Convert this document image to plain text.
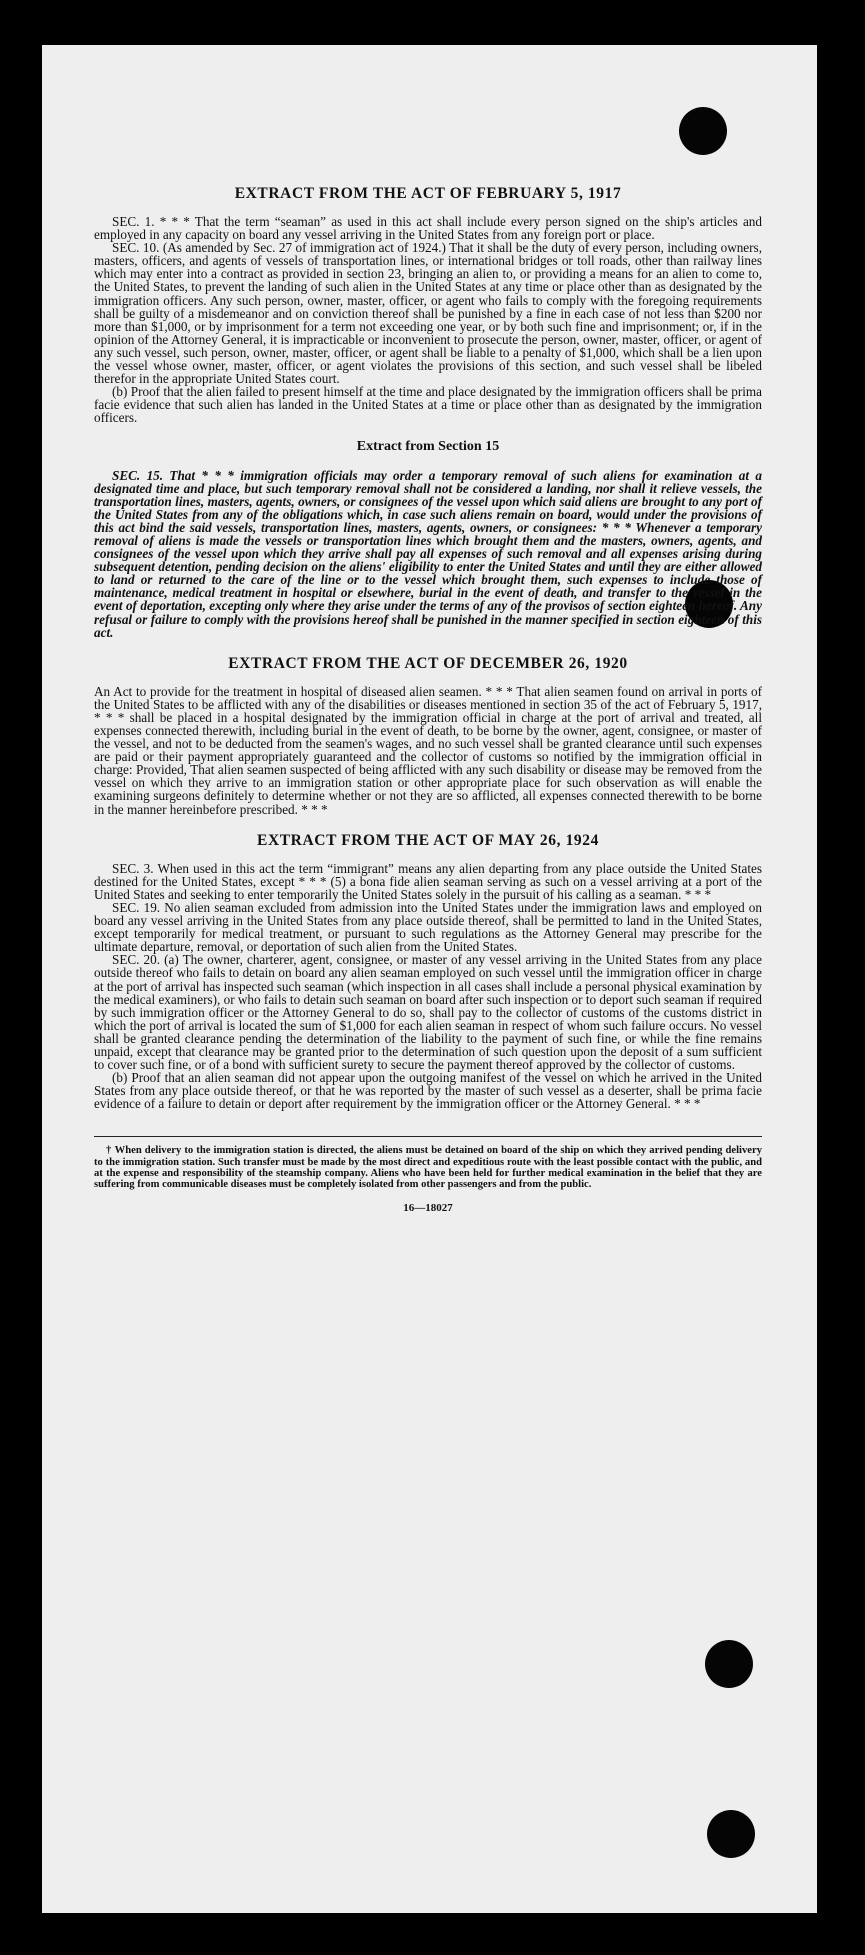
EXTRACT FROM THE ACT OF FEBRUARY 5, 1917

SEC. 1. * * * That the term “seaman” as used in this act shall include every person signed on the ship's articles and employed in any capacity on board any vessel arriving in the United States from any foreign port or place.

SEC. 10. (As amended by Sec. 27 of immigration act of 1924.) That it shall be the duty of every person, including owners, masters, officers, and agents of vessels of transportation lines, or international bridges or toll roads, other than railway lines which may enter into a contract as provided in section 23, bringing an alien to, or providing a means for an alien to come to, the United States, to prevent the landing of such alien in the United States at any time or place other than as designated by the immigration officers. Any such person, owner, master, officer, or agent who fails to comply with the foregoing requirements shall be guilty of a misdemeanor and on conviction thereof shall be punished by a fine in each case of not less than $200 nor more than $1,000, or by imprisonment for a term not exceeding one year, or by both such fine and imprisonment; or, if in the opinion of the Attorney General, it is impracticable or inconvenient to prosecute the person, owner, master, officer, or agent of any such vessel, such person, owner, master, officer, or agent shall be liable to a penalty of $1,000, which shall be a lien upon the vessel whose owner, master, officer, or agent violates the provisions of this section, and such vessel shall be libeled therefor in the appropriate United States court.

(b) Proof that the alien failed to present himself at the time and place designated by the immigration officers shall be prima facie evidence that such alien has landed in the United States at a time or place other than as designated by the immigration officers.

Extract from Section 15

SEC. 15. That * * * immigration officials may order a temporary removal of such aliens for examination at a designated time and place, but such temporary removal shall not be considered a landing, nor shall it relieve vessels, the transportation lines, masters, agents, owners, or consignees of the vessel upon which said aliens are brought to any port of the United States from any of the obligations which, in case such aliens remain on board, would under the provisions of this act bind the said vessels, transportation lines, masters, agents, owners, or consignees: * * * Whenever a temporary removal of aliens is made the vessels or transportation lines which brought them and the masters, owners, agents, and consignees of the vessel upon which they arrive shall pay all expenses of such removal and all expenses arising during subsequent detention, pending decision on the aliens' eligibility to enter the United States and until they are either allowed to land or returned to the care of the line or to the vessel which brought them, such expenses to include those of maintenance, medical treatment in hospital or elsewhere, burial in the event of death, and transfer to the vessel in the event of deportation, excepting only where they arise under the terms of any of the provisos of section eighteen hereof. Any refusal or failure to comply with the provisions hereof shall be punished in the manner specified in section eighteen of this act.

EXTRACT FROM THE ACT OF DECEMBER 26, 1920

An Act to provide for the treatment in hospital of diseased alien seamen. * * * That alien seamen found on arrival in ports of the United States to be afflicted with any of the disabilities or diseases mentioned in section 35 of the act of February 5, 1917, * * * shall be placed in a hospital designated by the immigration official in charge at the port of arrival and treated, all expenses connected therewith, including burial in the event of death, to be borne by the owner, agent, consignee, or master of the vessel, and not to be deducted from the seamen's wages, and no such vessel shall be granted clearance until such expenses are paid or their payment appropriately guaranteed and the collector of customs so notified by the immigration official in charge: Provided, That alien seamen suspected of being afflicted with any such disability or disease may be removed from the vessel on which they arrive to an immigration station or other appropriate place for such observation as will enable the examining surgeons definitely to determine whether or not they are so afflicted, all expenses connected therewith to be borne in the manner hereinbefore prescribed. * * *

EXTRACT FROM THE ACT OF MAY 26, 1924

SEC. 3. When used in this act the term “immigrant” means any alien departing from any place outside the United States destined for the United States, except * * * (5) a bona fide alien seaman serving as such on a vessel arriving at a port of the United States and seeking to enter temporarily the United States solely in the pursuit of his calling as a seaman. * * *

SEC. 19. No alien seaman excluded from admission into the United States under the immigration laws and employed on board any vessel arriving in the United States from any place outside thereof, shall be permitted to land in the United States, except temporarily for medical treatment, or pursuant to such regulations as the Attorney General may prescribe for the ultimate departure, removal, or deportation of such alien from the United States.

SEC. 20. (a) The owner, charterer, agent, consignee, or master of any vessel arriving in the United States from any place outside thereof who fails to detain on board any alien seaman employed on such vessel until the immigration officer in charge at the port of arrival has inspected such seaman (which inspection in all cases shall include a personal physical examination by the medical examiners), or who fails to detain such seaman on board after such inspection or to deport such seaman if required by such immigration officer or the Attorney General to do so, shall pay to the collector of customs of the customs district in which the port of arrival is located the sum of $1,000 for each alien seaman in respect of whom such failure occurs. No vessel shall be granted clearance pending the determination of the liability to the payment of such fine, or while the fine remains unpaid, except that clearance may be granted prior to the determination of such question upon the deposit of a sum sufficient to cover such fine, or of a bond with sufficient surety to secure the payment thereof approved by the collector of customs.

(b) Proof that an alien seaman did not appear upon the outgoing manifest of the vessel on which he arrived in the United States from any place outside thereof, or that he was reported by the master of such vessel as a deserter, shall be prima facie evidence of a failure to detain or deport after requirement by the immigration officer or the Attorney General. * * *

† When delivery to the immigration station is directed, the aliens must be detained on board of the ship on which they arrived pending delivery to the immigration station. Such transfer must be made by the most direct and expeditious route with the least possible contact with the public, and at the expense and responsibility of the steamship company. Aliens who have been held for further medical examination in the belief that they are suffering from communicable diseases must be completely isolated from other passengers and from the public.
16—18027
